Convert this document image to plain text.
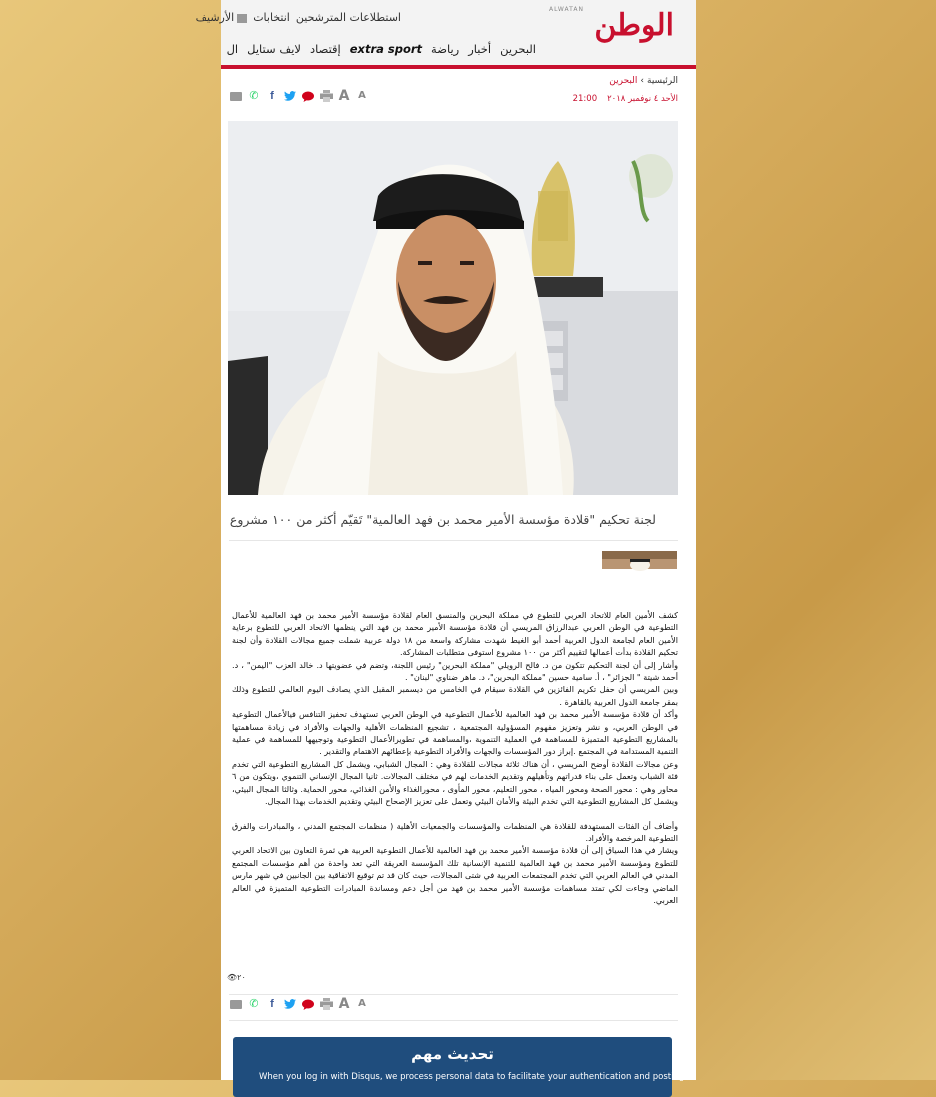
ALWATAN الوطن
استطلاعات المترشحين
انتخابات
الأرشيف
البحرين
أخبار
رياضة
extra sport
إقتصاد
لايف ستايل
ال
الرئيسية
›
البحرين
الأحد ٤ نوفمبر ٢٠١٨
21:00
✆	f	A A
لجنة تحكيم "قلادة مؤسسة الأمير محمد بن فهد العالمية" تَقيّم أكثر من ١٠٠ مشروع

كشف الأمين العام للاتحاد العربي للتطوع في مملكة البحرين والمنسق العام لقلادة مؤسسة الأمير محمد بن فهد العالمية للأعمال التطوعية في الوطن العربي عبدالرزاق المريسي أن قلادة مؤسسة الأمير محمد بن فهد التي ينظمها الاتحاد العربي للتطوع برعاية الأمين العام لجامعة الدول العربية أحمد أبو الغيط شهدت مشاركة واسعة من ١٨ دولة عربية شملت جميع مجالات القلادة وأن لجنة تحكيم القلادة بدأت أعمالها لتقييم أكثر من ١٠٠ مشروع استوفى متطلبات المشاركة.

وأشار إلى أن لجنة التحكيم تتكون من د. فالح الرويلي "مملكة البحرين" رئيس اللجنة، وتضم في عضويتها د. خالد العزب "اليمن" ، د. أحمد شيتة " الجزائر" ، أ. سامية حسين "مملكة البحرين"، د. ماهر ضناوي "لبنان" .

وبين المريسي أن حفل تكريم الفائزين في القلادة سيقام في الخامس من ديسمبر المقبل الذي يصادف اليوم العالمي للتطوع وذلك بمقر جامعة الدول العربية بالقاهرة .

وأكد أن قلادة مؤسسة الأمير محمد بن فهد العالمية للأعمال التطوعية في الوطن العربي تستهدف تحفيز التنافس فيالأعمال التطوعية في الوطن العربي، و نشر وتعزيز مفهوم المسؤولية المجتمعية ، تشجيع المنظمات الأهلية والجهات والأفراد في زيادة مساهمتها بالمشاريع التطوعية المتميزة للمساهمة في العملية التنموية ،والمساهمة في تطويرالأعمال التطوعية وتوجيهها للمساهمة في عملية التنمية المستدامة في المجتمع .إبراز دور المؤسسات والجهات والأفراد التطوعية بإعطائهم الاهتمام والتقدير .

وعن مجالات القلادة أوضح المريسي ، أن هناك ثلاثة مجالات للقلادة وهي : المجال الشبابي، ويشمل كل المشاريع التطوعية التي تخدم فئة الشباب وتعمل على بناء قدراتهم وتأهيلهم وتقديم الخدمات لهم في مختلف المجالات. ثانيا المجال الإنساني التنموي ،ويتكون من ٦ محاور وهي : محور الصحة ومحور المياه ، محور التعليم، محور المأوى ، محورالغذاء والأمن الغذائي، محور الحماية. وثالثا المجال البيئي، ويشمل كل المشاريع التطوعية التي تخدم البيئة والأمان البيئي وتعمل على تعزيز الإصحاح البيئي وتقديم الخدمات بهذا المجال.

وأضاف أن الفئات المستهدفة للقلادة هي المنظمات والمؤسسات والجمعيات الأهلية ( منظمات المجتمع المدني ، والمبادرات والفرق التطوعية المرخصة والأفراد.

ويشار في هذا السياق إلى أن قلادة مؤسسة الأمير محمد بن فهد العالمية للأعمال التطوعية العربية هي ثمرة التعاون بين الاتحاد العربي للتطوع ومؤسسة الأمير محمد بن فهد العالمية للتنمية الإنسانية تلك المؤسسة العريقة التي تعد واحدة من أهم مؤسسات المجتمع المدني في العالم العربي التي تخدم المجتمعات العربية في شتى المجالات، حيث كان قد تم توقيع الاتفاقية بين الجانبين في شهر مارس الماضي وجاءت لكي تمتد مساهمات مؤسسة الأمير محمد بن فهد من أجل دعم ومساندة المبادرات التطوعية المتميزة في العالم العربي.

👁٢٠
✆	f	A A
تحديث مهم
When you log in with Disqus, we process personal data to facilitate your authentication and posting of
